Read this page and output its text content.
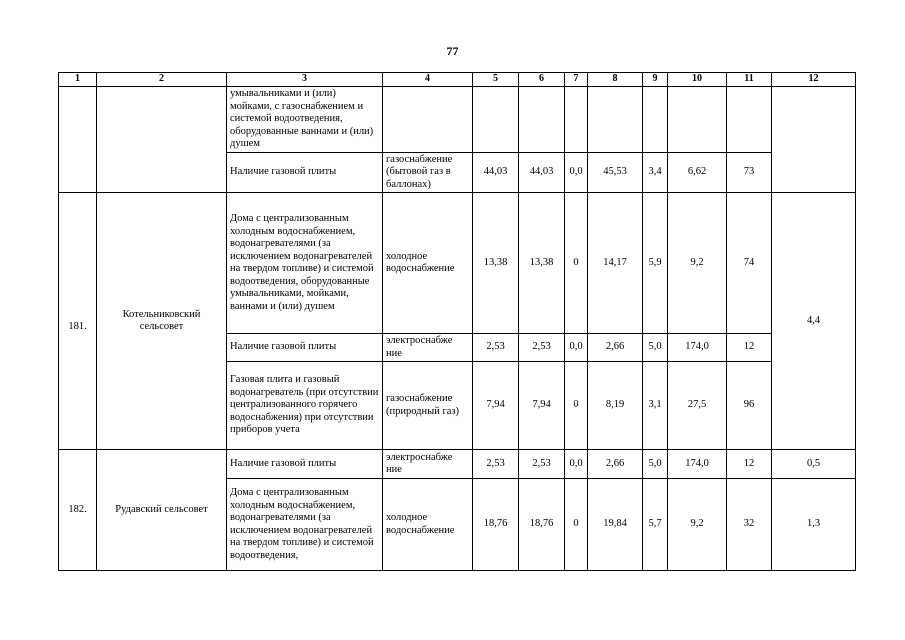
77
1	2	3	4	5	6	7	8	9	10	11	12
		умывальниками и (или) мойками, с газоснабжением и системой водоотведения, оборудованные ваннами и (или) душем									
		Наличие газовой плиты	газоснабжение (бытовой газ в баллонах)	44,03	44,03	0,0	45,53	3,4	6,62	73	
181.	Котельниковский сельсовет	Дома с централизованным холодным водоснабжением, водонагревателями (за исключением водонагревателей на твердом топливе) и системой водоотведения, оборудованные умывальниками, мойками, ваннами и (или) душем	холодное водоснабжение	13,38	13,38	0	14,17	5,9	9,2	74	4,4
		Наличие газовой плиты	электроснабже ние	2,53	2,53	0,0	2,66	5,0	174,0	12	
		Газовая плита и газовый водонагреватель (при отсутствии централизованного горячего водоснабжения) при отсутствии приборов учета	газоснабжение (природный газ)	7,94	7,94	0	8,19	3,1	27,5	96	
182.	Рудавский сельсовет	Наличие газовой плиты	электроснабже ние	2,53	2,53	0,0	2,66	5,0	174,0	12	0,5
		Дома с централизованным холодным водоснабжением, водонагревателями (за исключением водонагревателей на твердом топливе) и системой водоотведения,	холодное водоснабжение	18,76	18,76	0	19,84	5,7	9,2	32	1,3
